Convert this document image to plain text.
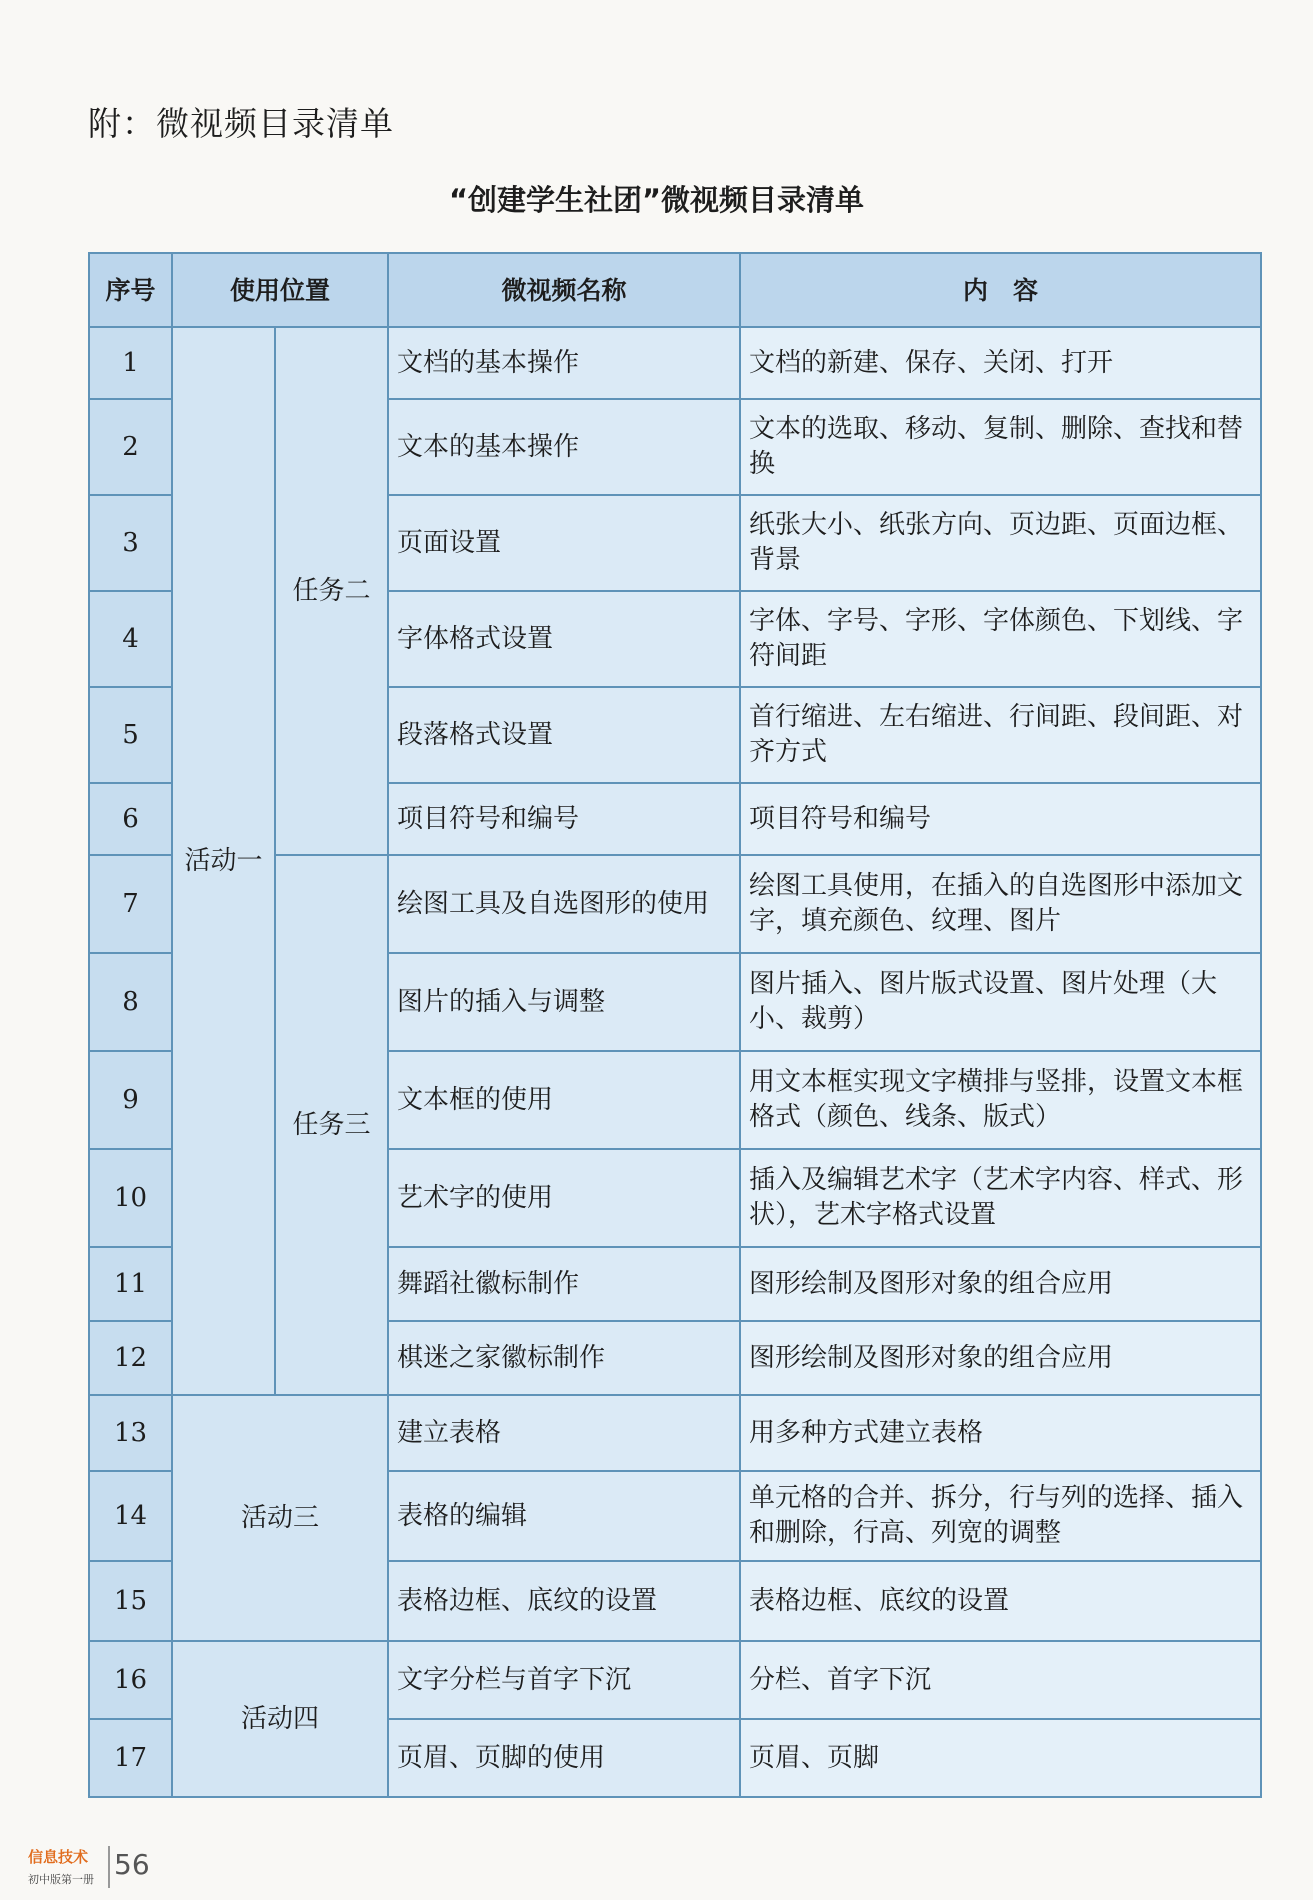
附：微视频目录清单
“创建学生社团”微视频目录清单
序号	使用位置		微视频名称	内　容
1	活动一	任务二	文档的基本操作	文档的新建、保存、关闭、打开
2			文本的基本操作	文本的选取、移动、复制、删除、查找和替换
3			页面设置	纸张大小、纸张方向、页边距、页面边框、背景
4			字体格式设置	字体、字号、字形、字体颜色、下划线、字符间距
5			段落格式设置	首行缩进、左右缩进、行间距、段间距、对齐方式
6			项目符号和编号	项目符号和编号
7		任务三	绘图工具及自选图形的使用	绘图工具使用，在插入的自选图形中添加文字，填充颜色、纹理、图片
8			图片的插入与调整	图片插入、图片版式设置、图片处理（大小、裁剪）
9			文本框的使用	用文本框实现文字横排与竖排，设置文本框格式（颜色、线条、版式）
10			艺术字的使用	插入及编辑艺术字（艺术字内容、样式、形状），艺术字格式设置
11			舞蹈社徽标制作	图形绘制及图形对象的组合应用
12			棋迷之家徽标制作	图形绘制及图形对象的组合应用
13	活动三		建立表格	用多种方式建立表格
14			表格的编辑	单元格的合并、拆分，行与列的选择、插入和删除，行高、列宽的调整
15			表格边框、底纹的设置	表格边框、底纹的设置
16	活动四		文字分栏与首字下沉	分栏、首字下沉
17			页眉、页脚的使用	页眉、页脚
信息技术
初中版第一册 56
